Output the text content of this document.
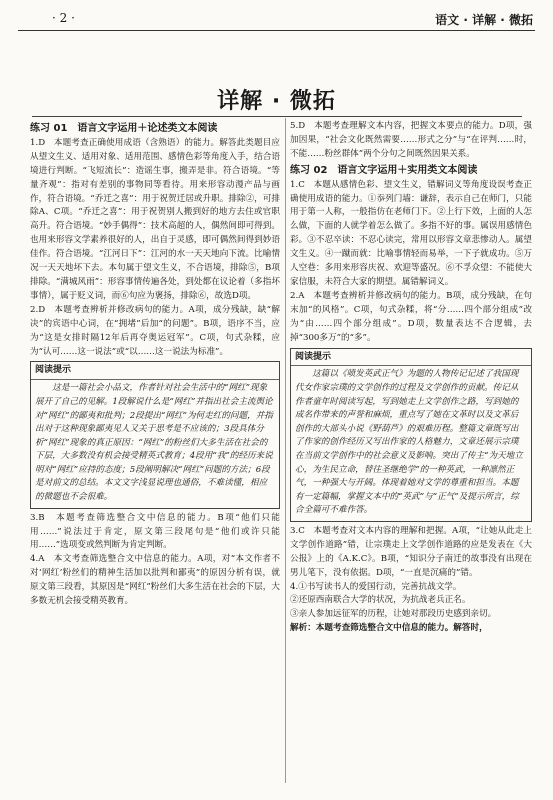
· 2 ·	语文 · 详解 · 微拓
详解 · 微拓
练习 01　语言文字运用＋论述类文本阅读

1.D　本题考查正确使用成语（含熟语）的能力。解答此类题目应从望文生义、适用对象、适用范围、感情色彩等角度入手，结合语境进行判断。“飞短流长”：造谣生事，搬弄是非。符合语境。“等量齐观”：指对有差别的事物同等看待。用来形容动漫产品与画作，符合语境。“乔迁之喜”：用于祝贺迁居或升职。排除②，可排除A、C项。“乔迁之喜”：用于祝贺别人搬到好的地方去住或官职高升。符合语境。“妙手偶得”：技术高超的人，偶然间即可得到。也用来形容文学素养很好的人，出自于灵感，即可偶然间得到妙语佳作。符合语境。“江河日下”：江河的水一天天地向下流。比喻情况一天天地坏下去。本句属于望文生义，不合语境，排除⑤，B项排除。“满城风雨”：形容事情传遍各处，到处都在议论着（多指坏事情），属于贬义词，而⑥句应为褒扬，排除⑥，故选D项。

2.D　本题考查辨析并修改病句的能力。A项，成分残缺，缺“解决”的宾语中心词，在“拥堵”后加“的问题”。B项，语序不当，应为“这是女排时隔12年后再夺奥运冠军”。C项，句式杂糅，应为“认可……这一说法”或“以……这一说法为标准”。

阅读提示

这是一篇社会小品文，作者针对社会生活中的“网红”现象展开了自己的见解。1段解说什么是“网红”并指出社会主流舆论对“网红”的鄙夷和批判；2段提出“网红”为何走红的问题，并指出对于这种现象鄙夷见人又关于思考是不应该的；3段具体分析“网红”现象的真正原因：“网红”的粉丝们大多生活在社会的下层，大多数没有机会接受精英式教育；4段用“我”的经历来说明对“网红”应持的态度；5段阐明解决“网红”问题的方法；6段是对前文的总结。本文文字浅显说理也通俗，不难读懂，相应的微题也不会很难。

3.B　本题考查筛选整合文中信息的能力。B项“他们只能用……”说法过于肯定，原文第三段尾句是“他们或许只能用……”选项变或然判断为肯定判断。

4.A　本文考查筛选整合文中信息的能力。A项，对“本文作者不对‘网红’粉丝们的精神生活加以批判和鄙夷”的原因分析有误，就原文第三段看，其原因是“网红”粉丝们大多生活在社会的下层，大多数无机会接受精英教育。

5.D　本题考查理解文本内容，把握文本要点的能力。D项，强加因果，“社会文化既然需要……形式之分”与“在评判……时，不能……粉丝群体”两个分句之间既然因果关系。

练习 02　语言文字运用＋实用类文本阅读

1.C　本题从感情色彩、望文生义，错解词义等角度设误考查正确使用成语的能力。①忝列门墙：谦辞，表示自己在师门，只能用于第一人称，一般指仿在老师门下。②上行下效，上面的人怎么做，下面的人就学着怎么做了。多指不好的事。属误用感情色彩。③不忍卒读：不忍心读完，常用以形容文章悲惨动人。属望文生义。④一蹴而就：比喻事情轻而易举，一下子就成功。⑤万人空巷：多用来形容庆祝、欢迎等盛况。⑥不孚众望：不能使大家信服，未符合大家的期望。属错解词义。

2.A　本题考查辨析并修改病句的能力。B项，成分残缺，在句末加“的风格”。C项，句式杂糅，将“分……四个部分组成”改为“由……四个部分组成”。D项，数量表达不合逻辑，去掉“300多万”的“多”。

阅读提示

这篇以《喷发英武正气》为题的人物传记记述了我国现代女作家宗璞的文学创作的过程及文学创作的贡献。传记从作者童年时阅读写起，写到她走上文学创作之路，写到她的成名作带来的声誉和麻烦，重点写了她在文革时以及文革后创作的大部头小说《野葫芦》的艰难历程。整篇文章既写出了作家的创作经历又写出作家的人格魅力，文章还展示宗璞在当前文学创作中的社会意义及影响。突出了传主“为天地立心，为生民立命，替往圣继绝学”的一种英武，一种凛然正气，一种强大与开阔。体现着她对文学的尊重和担当。本题有一定篇幅，掌握文本中的“英武”与“正气”及提示所言，综合全篇可不难作答。

3.C　本题考查对文本内容的理解和把握。A项，“让她从此走上文学创作道路”错，让宗璞走上文学创作道路的应是发表在《大公报》上的《A.K.C》。B项，“知识分子南迁的故事没有出现在男儿笔下，没有依据。D项，“一直是沉痛的”错。

4.①书写读书人的爱国行动，完善抗战文学。

②还原西南联合大学的状况，为抗战老兵正名。

③亲人参加远征军的历程，让她对那段历史感到亲切。

解析：本题考查筛选整合文中信息的能力。解答时，
